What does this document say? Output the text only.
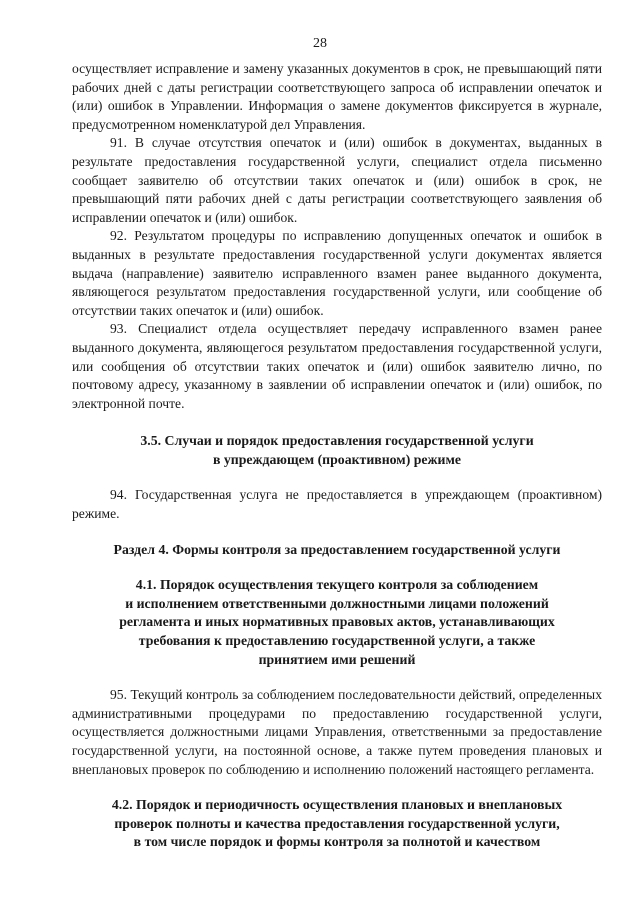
28

осуществляет исправление и замену указанных документов в срок, не превышающий пяти рабочих дней с даты регистрации соответствующего запроса об исправлении опечаток и (или) ошибок в Управлении. Информация о замене документов фиксируется в журнале, предусмотренном номенклатурой дел Управления.

91. В случае отсутствия опечаток и (или) ошибок в документах, выданных в результате предоставления государственной услуги, специалист отдела письменно сообщает заявителю об отсутствии таких опечаток и (или) ошибок в срок, не превышающий пяти рабочих дней с даты регистрации соответствующего заявления об исправлении опечаток и (или) ошибок.

92. Результатом процедуры по исправлению допущенных опечаток и ошибок в выданных в результате предоставления государственной услуги документах является выдача (направление) заявителю исправленного взамен ранее выданного документа, являющегося результатом предоставления государственной услуги, или сообщение об отсутствии таких опечаток и (или) ошибок.

93. Специалист отдела осуществляет передачу исправленного взамен ранее выданного документа, являющегося результатом предоставления государственной услуги, или сообщения об отсутствии таких опечаток и (или) ошибок заявителю лично, по почтовому адресу, указанному в заявлении об исправлении опечаток и (или) ошибок, по электронной почте.

3.5. Случаи и порядок предоставления государственной услуги

в упреждающем (проактивном) режиме

94. Государственная услуга не предоставляется в упреждающем (проактивном) режиме.

Раздел 4. Формы контроля за предоставлением государственной услуги

4.1. Порядок осуществления текущего контроля за соблюдением

и исполнением ответственными должностными лицами положений

регламента и иных нормативных правовых актов, устанавливающих

требования к предоставлению государственной услуги, а также

принятием ими решений

95. Текущий контроль за соблюдением последовательности действий, определенных административными процедурами по предоставлению государственной услуги, осуществляется должностными лицами Управления, ответственными за предоставление государственной услуги, на постоянной основе, а также путем проведения плановых и внеплановых проверок по соблюдению и исполнению положений настоящего регламента.

4.2. Порядок и периодичность осуществления плановых и внеплановых

проверок полноты и качества предоставления государственной услуги,

в том числе порядок и формы контроля за полнотой и качеством
